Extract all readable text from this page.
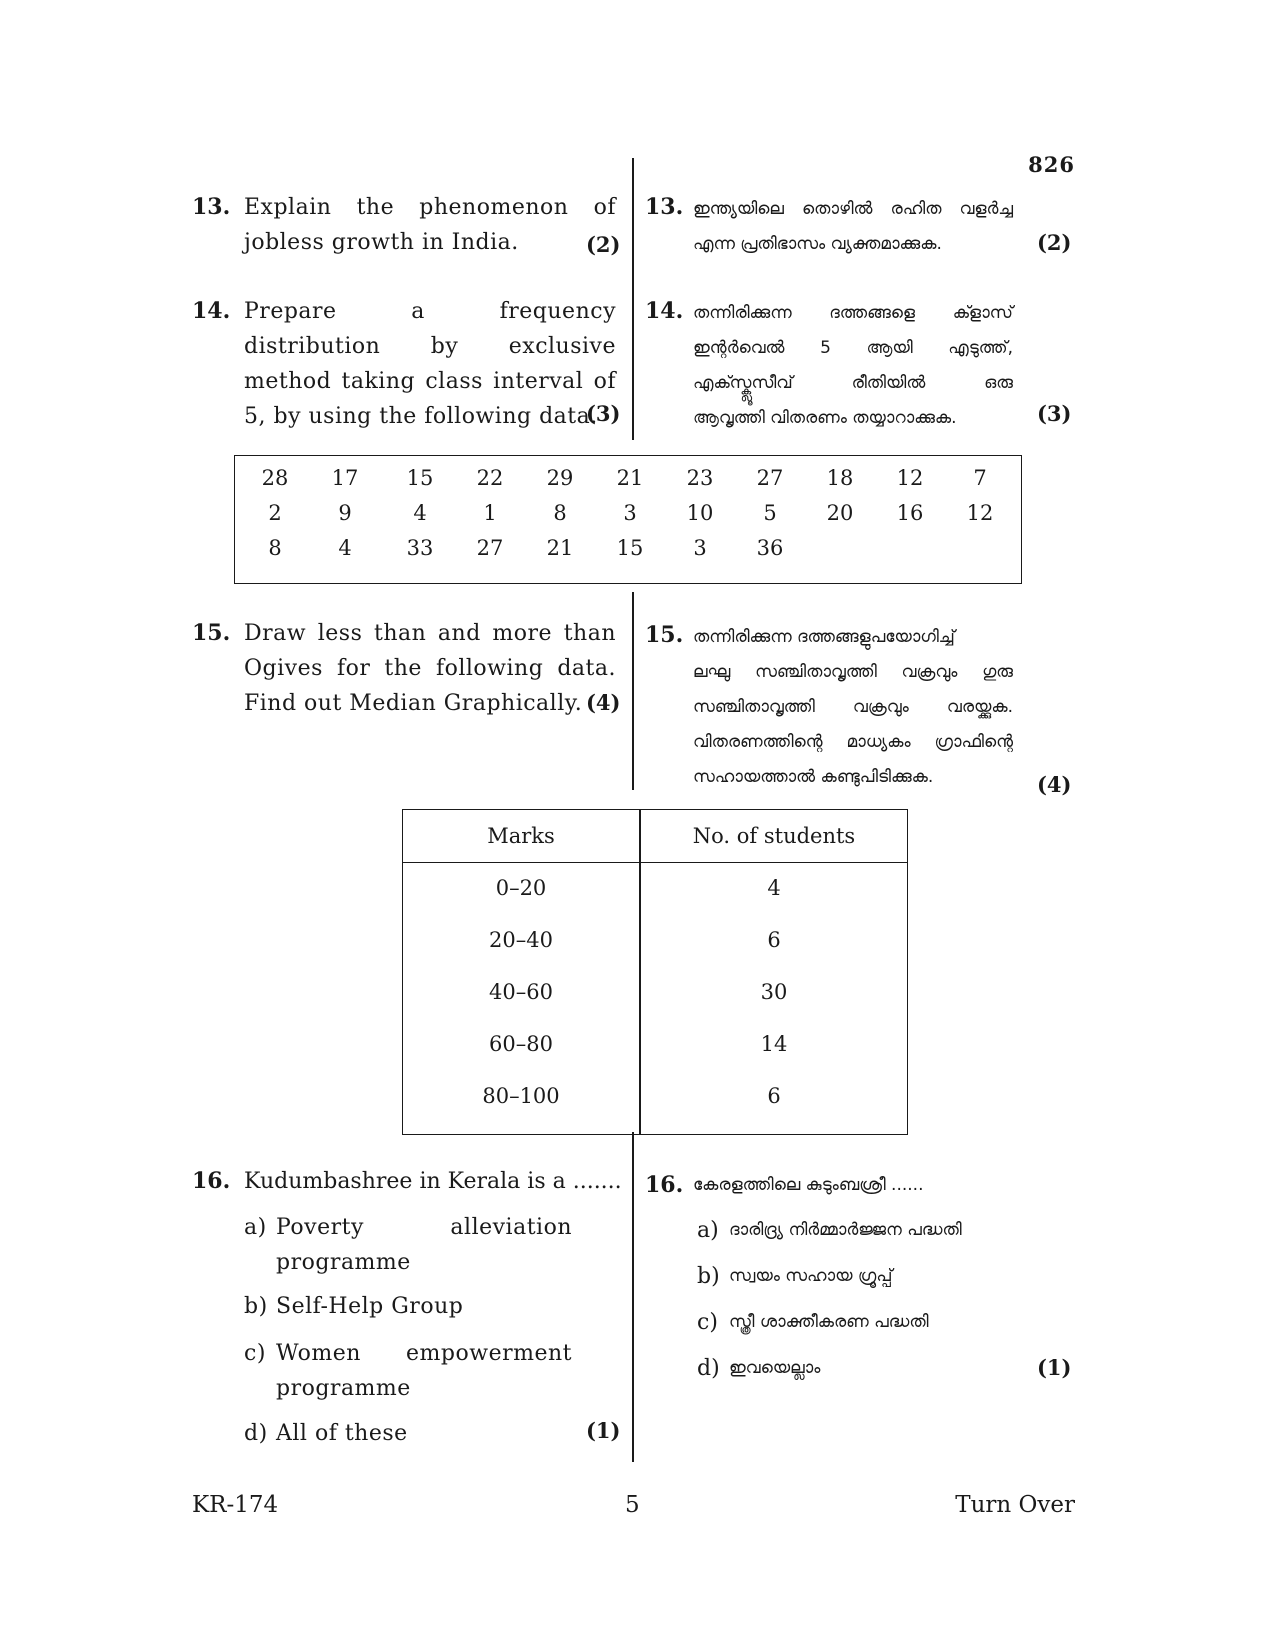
826
13. Explain the phenomenon of
jobless growth in India.	(2)
13. ഇന്ത്യയിലെ തൊഴിൽ രഹിത വളർച്ച
എന്ന പ്രതിഭാസം വ്യക്തമാക്കുക.	(2)
14. Prepare a frequency
distribution by exclusive
method taking class interval of
5, by using the following data.
(3)
14. തന്നിരിക്കുന്ന ദത്തങ്ങളെ ക്ളാസ്
ഇന്റർവെൽ 5 ആയി എടുത്ത്,
എക്സ്ക്ലൂസീവ് രീതിയിൽ ഒരു
ആവൃത്തി വിതരണം തയ്യാറാക്കുക.	(3)
28	17	15	22	29	21	23	27	18	12	7
2	9	4	1	8	3	10	5	20	16	12
8	4	33	27	21	15	3	36
15. Draw less than and more than
Ogives for the following data.
Find out Median Graphically. (4)
15. തന്നിരിക്കുന്ന ദത്തങ്ങളുപയോഗിച്ച്
ലഘു സഞ്ചിതാവൃത്തി വക്രവും ഗുരു
സഞ്ചിതാവൃത്തി വക്രവും വരയ്ക്കുക.
വിതരണത്തിന്റെ മാധ്യകം ഗ്രാഫിന്റെ
സഹായത്താൽ കണ്ടുപിടിക്കുക.	(4)
Marks	No. of students
0–20	4
20–40	6
40–60	30
60–80	14
80–100	6
16. Kudumbashree in Kerala is a .......
a) Poverty alleviation
programme
b) Self-Help Group
c) Women empowerment
programme
d) All of these	(1)
16. കേരളത്തിലെ കുടുംബശ്രീ ......
a) ദാരിദ്ര്യ നിർമ്മാർജ്ജന പദ്ധതി
b) സ്വയം സഹായ ഗ്രൂപ്പ്
c) സ്ത്രീ ശാക്തീകരണ പദ്ധതി
d) ഇവയെല്ലാം	(1)
KR-174	5	Turn Over
